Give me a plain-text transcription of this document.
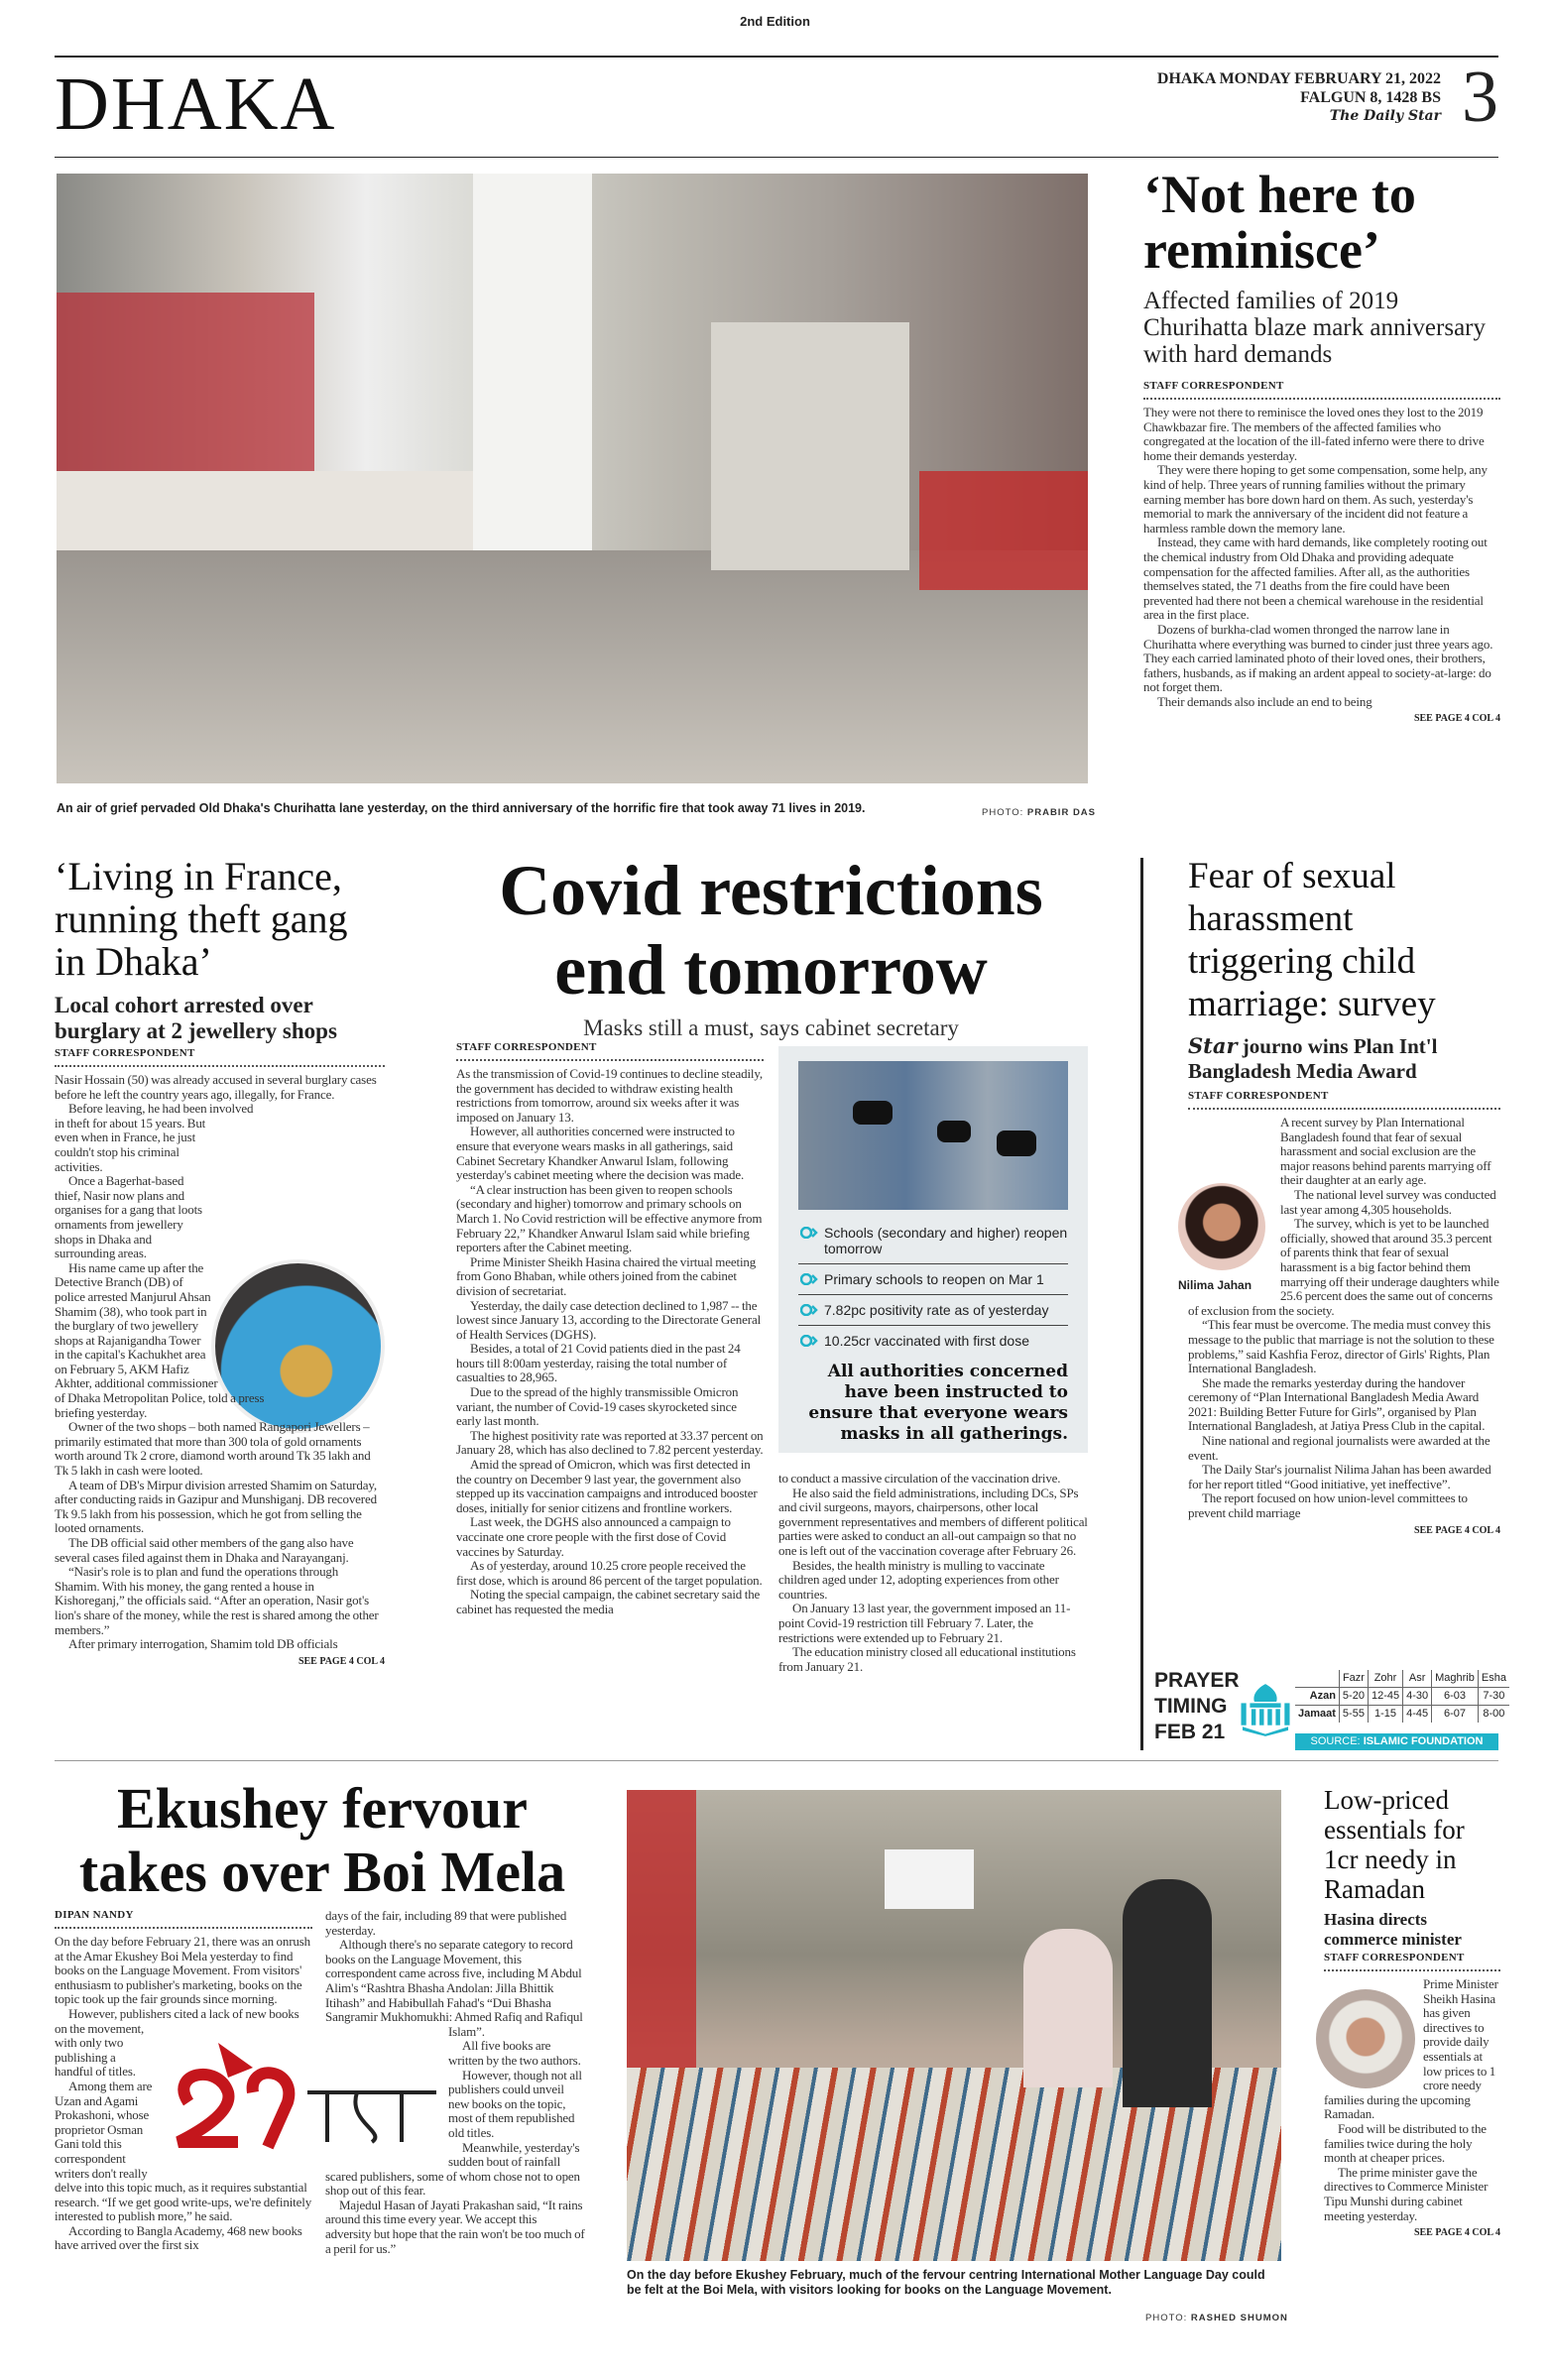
2nd Edition
DHAKA	DHAKA MONDAY FEBRUARY 21, 2022
FALGUN 8, 1428 BS
The Daily Star 3
An air of grief pervaded Old Dhaka's Churihatta lane yesterday, on the third anniversary of the horrific fire that took away 71 lives in 2019.	PHOTO: PRABIR DAS
‘Not here to reminisce’
Affected families of 2019 Churihatta blaze mark anniversary with hard demands
STAFF CORRESPONDENT

They were not there to reminisce the loved ones they lost to the 2019 Chawkbazar fire. The members of the affected families who congregated at the location of the ill-fated inferno were there to drive home their demands yesterday.

They were there hoping to get some compensation, some help, any kind of help. Three years of running families without the primary earning member has bore down hard on them. As such, yesterday's memorial to mark the anniversary of the incident did not feature a harmless ramble down the memory lane.

Instead, they came with hard demands, like completely rooting out the chemical industry from Old Dhaka and providing adequate compensation for the affected families. After all, as the authorities themselves stated, the 71 deaths from the fire could have been prevented had there not been a chemical warehouse in the residential area in the first place.

Dozens of burkha-clad women thronged the narrow lane in Churihatta where everything was burned to cinder just three years ago. They each carried laminated photo of their loved ones, their brothers, fathers, husbands, as if making an ardent appeal to society-at-large: do not forget them.

Their demands also include an end to being

SEE PAGE 4 COL 4
‘Living in France, running theft gang in Dhaka’
Local cohort arrested over burglary at 2 jewellery shops
STAFF CORRESPONDENT

Nasir Hossain (50) was already accused in several burglary cases before he left the country years ago, illegally, for France.

Before leaving, he had been involved in theft for about 15 years. But even when in France, he just couldn't stop his criminal activities.

Once a Bagerhat-based thief, Nasir now plans and organises for a gang that loots ornaments from jewellery shops in Dhaka and surrounding areas.

His name came up after the Detective Branch (DB) of police arrested Manjurul Ahsan Shamim (38), who took part in the burglary of two jewellery shops at Rajanigandha Tower in the capital's Kachukhet area on February 5, AKM Hafiz Akhter, additional commissioner of Dhaka Metropolitan Police, told a press briefing yesterday.

Owner of the two shops – both named Rangapori Jewellers – primarily estimated that more than 300 tola of gold ornaments worth around Tk 2 crore, diamond worth around Tk 35 lakh and Tk 5 lakh in cash were looted.

A team of DB's Mirpur division arrested Shamim on Saturday, after conducting raids in Gazipur and Munshiganj. DB recovered Tk 9.5 lakh from his possession, which he got from selling the looted ornaments.

The DB official said other members of the gang also have several cases filed against them in Dhaka and Narayanganj.

“Nasir's role is to plan and fund the operations through Shamim. With his money, the gang rented a house in Kishoreganj,” the officials said. “After an operation, Nasir got's lion's share of the money, while the rest is shared among the other members.”

After primary interrogation, Shamim told DB officials

SEE PAGE 4 COL 4
Covid restrictions end tomorrow
Masks still a must, says cabinet secretary
STAFF CORRESPONDENT

As the transmission of Covid-19 continues to decline steadily, the government has decided to withdraw existing health restrictions from tomorrow, around six weeks after it was imposed on January 13.

However, all authorities concerned were instructed to ensure that everyone wears masks in all gatherings, said Cabinet Secretary Khandker Anwarul Islam, following yesterday's cabinet meeting where the decision was made.

“A clear instruction has been given to reopen schools (secondary and higher) tomorrow and primary schools on March 1. No Covid restriction will be effective anymore from February 22,” Khandker Anwarul Islam said while briefing reporters after the Cabinet meeting.

Prime Minister Sheikh Hasina chaired the virtual meeting from Gono Bhaban, while others joined from the cabinet division of secretariat.

Yesterday, the daily case detection declined to 1,987 -- the lowest since January 13, according to the Directorate General of Health Services (DGHS).

Besides, a total of 21 Covid patients died in the past 24 hours till 8:00am yesterday, raising the total number of casualties to 28,965.

Due to the spread of the highly transmissible Omicron variant, the number of Covid-19 cases skyrocketed since early last month.

The highest positivity rate was reported at 33.37 percent on January 28, which has also declined to 7.82 percent yesterday.

Amid the spread of Omicron, which was first detected in the country on December 9 last year, the government also stepped up its vaccination campaigns and introduced booster doses, initially for senior citizens and frontline workers.

Last week, the DGHS also announced a campaign to vaccinate one crore people with the first dose of Covid vaccines by Saturday.

As of yesterday, around 10.25 crore people received the first dose, which is around 86 percent of the target population.

Noting the special campaign, the cabinet secretary said the cabinet has requested the media

Schools (secondary and higher) reopen tomorrow
Primary schools to reopen on Mar 1
7.82pc positivity rate as of yesterday
10.25cr vaccinated with first dose
All authorities concerned have been instructed to ensure that everyone wears masks in all gatherings.

to conduct a massive circulation of the vaccination drive.

He also said the field administrations, including DCs, SPs and civil surgeons, mayors, chairpersons, other local government representatives and members of different political parties were asked to conduct an all-out campaign so that no one is left out of the vaccination coverage after February 26.

Besides, the health ministry is mulling to vaccinate children aged under 12, adopting experiences from other countries.

On January 13 last year, the government imposed an 11-point Covid-19 restriction till February 7. Later, the restrictions were extended up to February 21.

The education ministry closed all educational institutions from January 21.

Fear of sexual harassment triggering child marriage: survey
Star journo wins Plan Int'l Bangladesh Media Award
STAFF CORRESPONDENT
Nilima Jahan

A recent survey by Plan International Bangladesh found that fear of sexual harassment and social exclusion are the major reasons behind parents marrying off their daughter at an early age.

The national level survey was conducted last year among 4,305 households.

The survey, which is yet to be launched officially, showed that around 35.3 percent of parents think that fear of sexual harassment is a big factor behind them marrying off their underage daughters while 25.6 percent does the same out of concerns of exclusion from the society.

“This fear must be overcome. The media must convey this message to the public that marriage is not the solution to these problems,” said Kashfia Feroz, director of Girls' Rights, Plan International Bangladesh.

She made the remarks yesterday during the handover ceremony of “Plan International Bangladesh Media Award 2021: Building Better Future for Girls”, organised by Plan International Bangladesh, at Jatiya Press Club in the capital.

Nine national and regional journalists were awarded at the event.

The Daily Star's journalist Nilima Jahan has been awarded for her report titled “Good initiative, yet ineffective”.

The report focused on how union-level committees to prevent child marriage

SEE PAGE 4 COL 4
PRAYER
TIMING
FEB 21
	Fazr	Zohr	Asr	Maghrib	Esha
Azan	5-20	12-45	4-30	6-03	7-30
Jamaat	5-55	1-15	4-45	6-07	8-00
SOURCE: ISLAMIC FOUNDATION
Ekushey fervour takes over Boi Mela
DIPAN NANDY

On the day before February 21, there was an onrush at the Amar Ekushey Boi Mela yesterday to find books on the Language Movement. From visitors' enthusiasm to publisher's marketing, books on the topic took up the fair grounds since morning.

However, publishers cited a lack of new books on the movement, with only two publishing a handful of titles.

Among them are Uzan and Agami Prokashoni, whose proprietor Osman Gani told this correspondent writers don't really delve into this topic much, as it requires substantial research. “If we get good write-ups, we're definitely interested to publish more,” he said.

According to Bangla Academy, 468 new books have arrived over the first six

days of the fair, including 89 that were published yesterday.

Although there's no separate category to record books on the Language Movement, this correspondent came across five, including M Abdul Alim's “Rashtra Bhasha Andolan: Jilla Bhittik Itihash” and Habibullah Fahad's “Dui Bhasha Sangramir Mukhomukhi: Ahmed Rafiq and Rafiqul Islam”.

All five books are written by the two authors.

However, though not all publishers could unveil new books on the topic, most of them republished old titles.

Meanwhile, yesterday's sudden bout of rainfall scared publishers, some of whom chose not to open shop out of this fear.

Majedul Hasan of Jayati Prakashan said, “It rains around this time every year. We accept this adversity but hope that the rain won't be too much of a peril for us.”

On the day before Ekushey February, much of the fervour centring International Mother Language Day could be felt at the Boi Mela, with visitors looking for books on the Language Movement.
PHOTO: RASHED SHUMON
Low-priced essentials for 1cr needy in Ramadan
Hasina directs commerce minister
STAFF CORRESPONDENT

Prime Minister Sheikh Hasina has given directives to provide daily essentials at low prices to 1 crore needy families during the upcoming Ramadan.

Food will be distributed to the families twice during the holy month at cheaper prices.

The prime minister gave the directives to Commerce Minister Tipu Munshi during cabinet meeting yesterday.

SEE PAGE 4 COL 4
